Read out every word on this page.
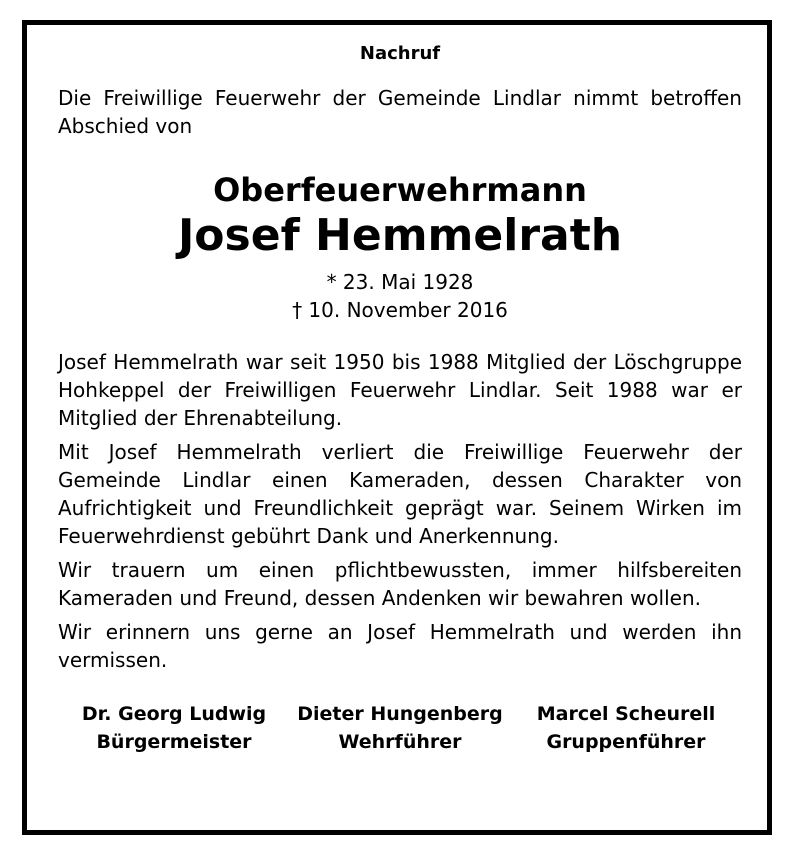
Nachruf

Die Freiwillige Feuerwehr der Gemeinde Lindlar nimmt betroffen Abschied von

Oberfeuerwehrmann

Josef Hemmelrath

* 23. Mai 1928

† 10. November 2016

Josef Hemmelrath war seit 1950 bis 1988 Mitglied der Löschgruppe Hohkeppel der Freiwilligen Feuerwehr Lindlar. Seit 1988 war er Mitglied der Ehrenabteilung.

Mit Josef Hemmelrath verliert die Freiwillige Feuerwehr der Gemeinde Lindlar einen Kameraden, dessen Charakter von Aufrichtigkeit und Freundlichkeit geprägt war. Seinem Wirken im Feuerwehrdienst gebührt Dank und Anerkennung.

Wir trauern um einen pflichtbewussten, immer hilfsbereiten Kameraden und Freund, dessen Andenken wir bewahren wollen.

Wir erinnern uns gerne an Josef Hemmelrath und werden ihn vermissen.

Dr. Georg Ludwig
Bürgermeister
Dieter Hungenberg
Wehrführer
Marcel Scheurell
Gruppenführer
